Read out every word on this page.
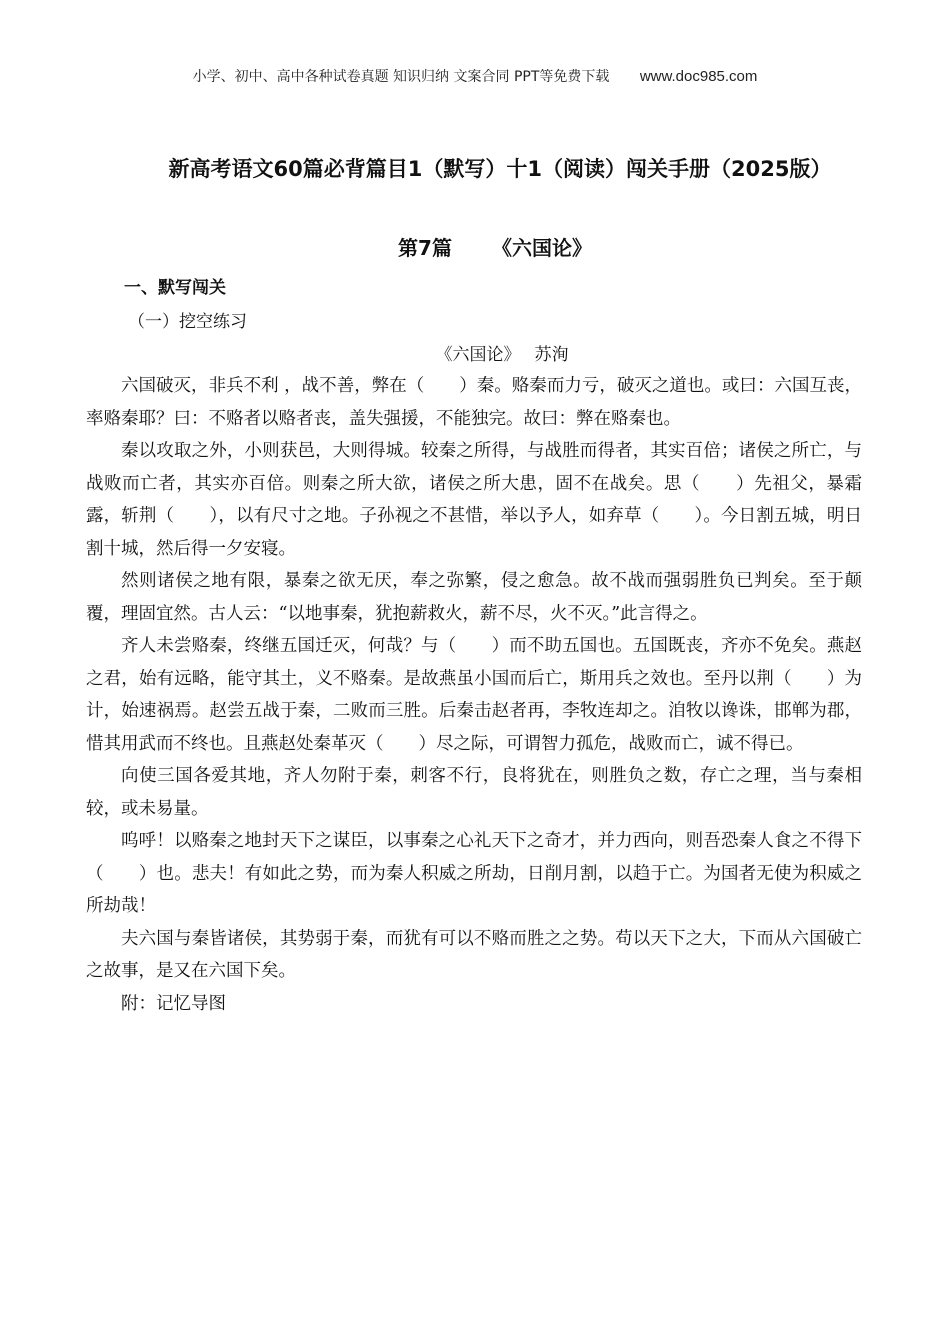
小学、初中、高中各种试卷真题 知识归纳 文案合同 PPT等免费下载 www.doc985.com
新高考语文60篇必背篇目1（默写）十1（阅读）闯关手册（2025版）
第7篇 《六国论》
一、默写闯关
（一）挖空练习
《六国论》 苏洵

六国破灭，非兵不利 ，战不善，弊在（　　）秦。赂秦而力亏，破灭之道也。或曰：六国互丧，率赂秦耶？曰：不赂者以赂者丧，盖失强援，不能独完。故曰：弊在赂秦也。

秦以攻取之外，小则获邑，大则得城。较秦之所得，与战胜而得者，其实百倍；诸侯之所亡，与战败而亡者，其实亦百倍。则秦之所大欲，诸侯之所大患，固不在战矣。思（　　）先祖父，暴霜露，斩荆（　　），以有尺寸之地。子孙视之不甚惜，举以予人，如弃草（　　）。今日割五城，明日割十城，然后得一夕安寝。

然则诸侯之地有限，暴秦之欲无厌，奉之弥繁，侵之愈急。故不战而强弱胜负已判矣。至于颠覆，理固宜然。古人云：“以地事秦，犹抱薪救火，薪不尽，火不灭。”此言得之。

齐人未尝赂秦，终继五国迁灭，何哉？与（　　）而不助五国也。五国既丧，齐亦不免矣。燕赵之君，始有远略，能守其土，义不赂秦。是故燕虽小国而后亡，斯用兵之效也。至丹以荆（　　）为计，始速祸焉。赵尝五战于秦，二败而三胜。后秦击赵者再，李牧连却之。洎牧以谗诛，邯郸为郡，惜其用武而不终也。且燕赵处秦革灭（　　）尽之际，可谓智力孤危，战败而亡，诚不得已。

向使三国各爱其地，齐人勿附于秦，刺客不行，良将犹在，则胜负之数，存亡之理，当与秦相较，或未易量。

呜呼！以赂秦之地封天下之谋臣，以事秦之心礼天下之奇才，并力西向，则吾恐秦人食之不得下（　　）也。悲夫！有如此之势，而为秦人积威之所劫，日削月割，以趋于亡。为国者无使为积威之所劫哉！

夫六国与秦皆诸侯，其势弱于秦，而犹有可以不赂而胜之之势。苟以天下之大，下而从六国破亡之故事，是又在六国下矣。

附：记忆导图
